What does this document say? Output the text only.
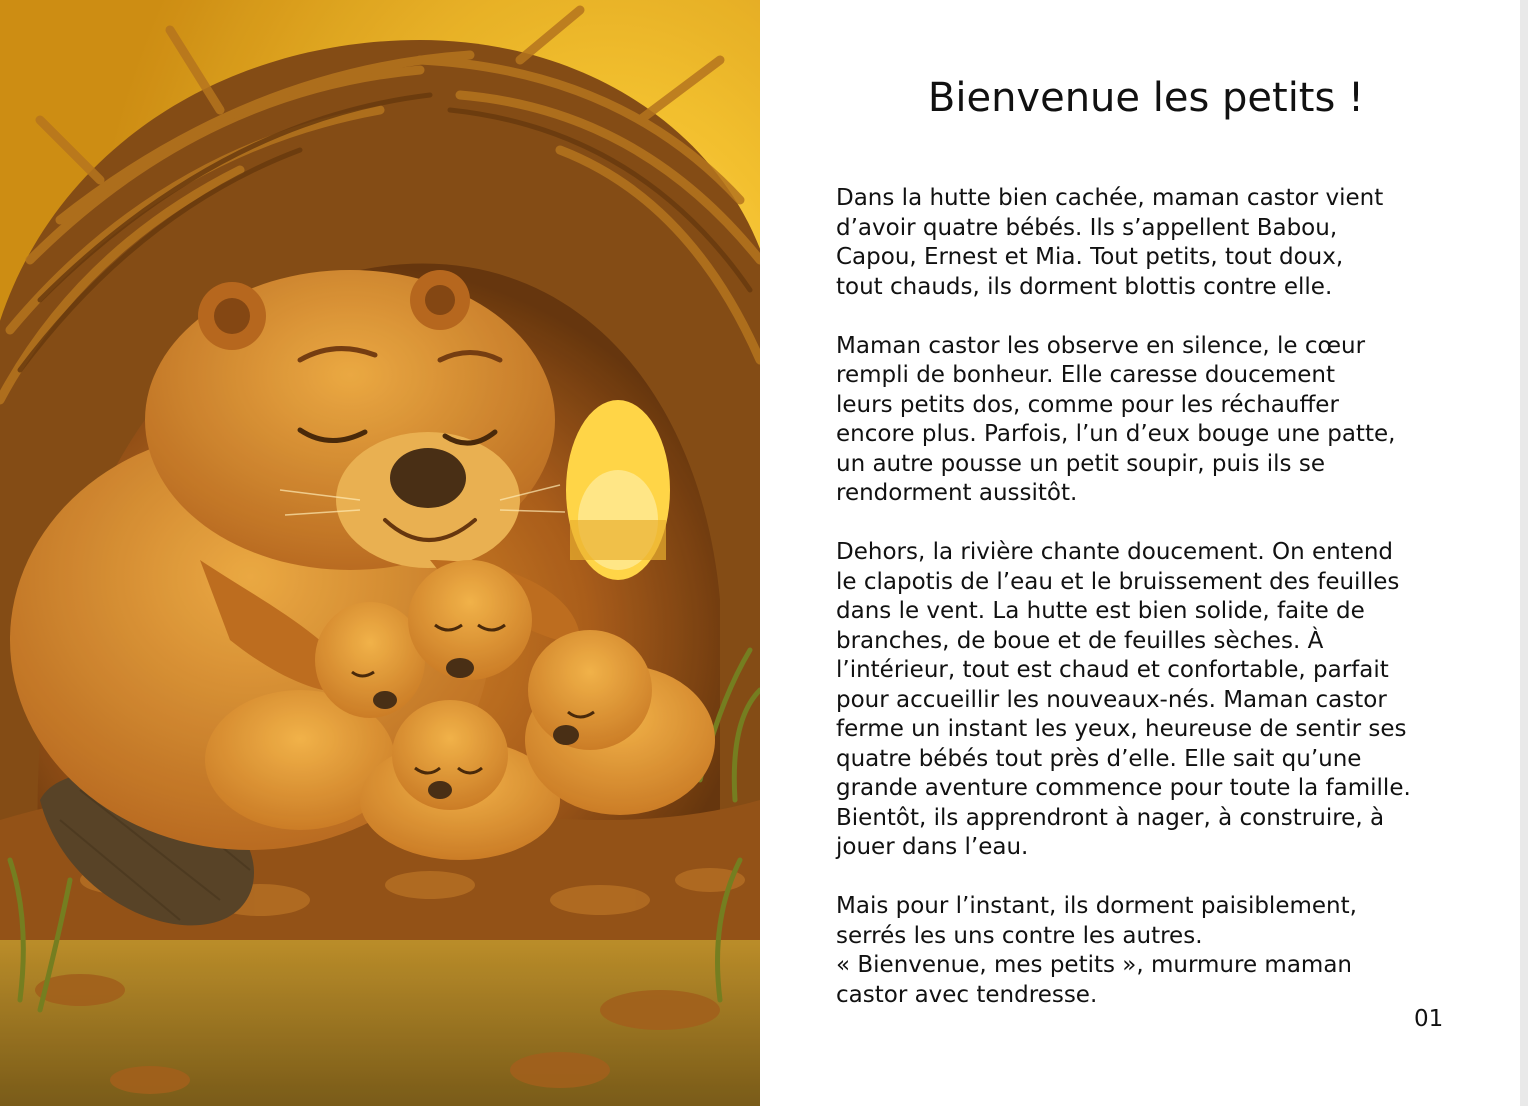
Bienvenue les petits !

Dans la hutte bien cachée, maman castor vient
d’avoir quatre bébés. Ils s’appellent Babou,
Capou, Ernest et Mia. Tout petits, tout doux,
tout chauds, ils dorment blottis contre elle.

Maman castor les observe en silence, le cœur
rempli de bonheur. Elle caresse doucement
leurs petits dos, comme pour les réchauffer
encore plus. Parfois, l’un d’eux bouge une patte,
un autre pousse un petit soupir, puis ils se
rendorment aussitôt.

Dehors, la rivière chante doucement. On entend
le clapotis de l’eau et le bruissement des feuilles
dans le vent. La hutte est bien solide, faite de
branches, de boue et de feuilles sèches. À
l’intérieur, tout est chaud et confortable, parfait
pour accueillir les nouveaux-nés. Maman castor
ferme un instant les yeux, heureuse de sentir ses
quatre bébés tout près d’elle. Elle sait qu’une
grande aventure commence pour toute la famille.
Bientôt, ils apprendront à nager, à construire, à
jouer dans l’eau.

Mais pour l’instant, ils dorment paisiblement,
serrés les uns contre les autres.
« Bienvenue, mes petits », murmure maman
castor avec tendresse.

01
